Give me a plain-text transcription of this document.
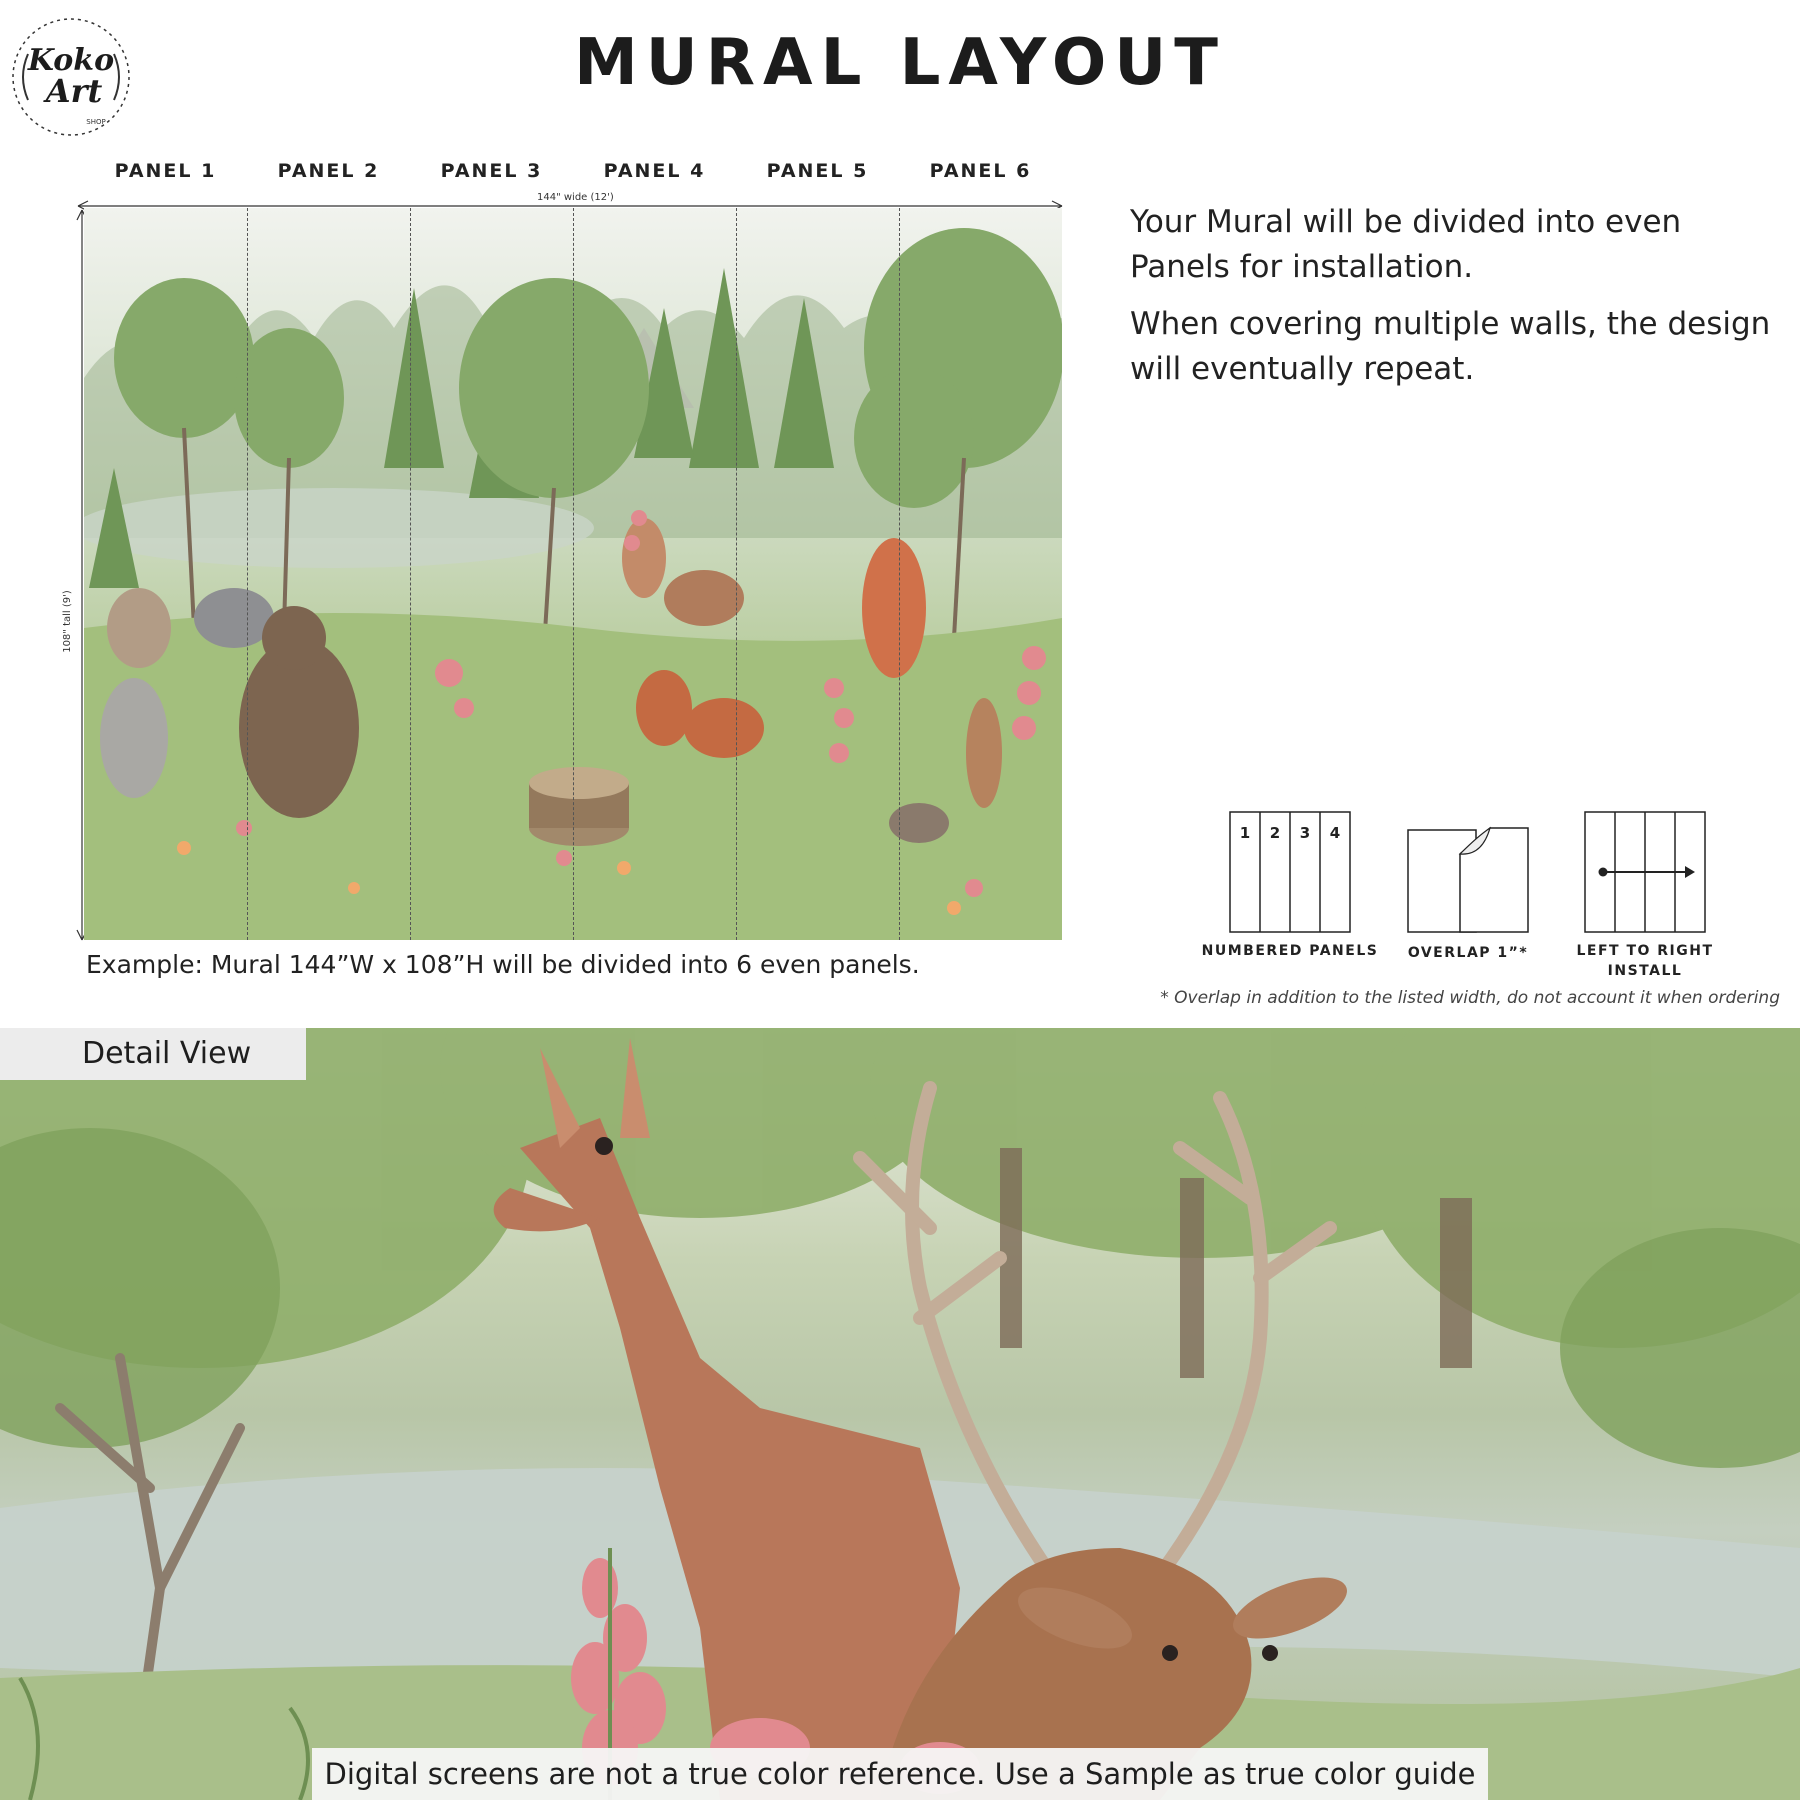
Koko
Art
SHOP
MURAL LAYOUT
PANEL 1	PANEL 2	PANEL 3	PANEL 4	PANEL 5	PANEL 6
144" wide (12')
108" tall (9')

Example: Mural 144”W x 108”H will be divided into 6 even panels.

Your Mural will be divided into even Panels for installation.

When covering multiple walls, the design will eventually repeat.

1 2 3 4
NUMBERED PANELS	OVERLAP 1”*	LEFT TO RIGHT
INSTALL

* Overlap in addition to the listed width, do not account it when ordering

Detail View
Digital screens are not a true color reference. Use a Sample as true color guide
